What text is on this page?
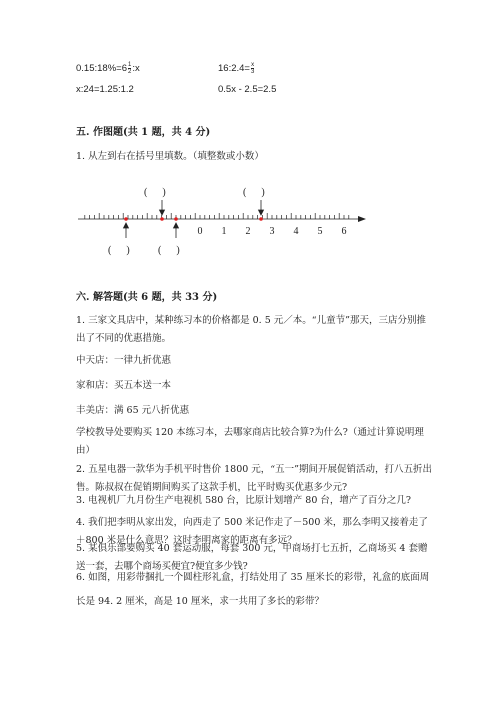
0.15:18%=6 $\frac{1}{2}$ :x	16:2.4= $\frac{x}{3}$
x:24=1.25:1.2	0.5x - 2.5=2.5
五. 作图题(共 1 题，共 4 分)
1. 从左到右在括号里填数。（填整数或小数）
0 1 2 3 4 5 6
(      )	(      )
(      )	(      )
六. 解答题(共 6 题，共 33 分)
1. 三家文具店中，某种练习本的价格都是 0. 5 元／本。“儿童节”那天，三店分别推出了不同的优惠措施。
中天店：一律九折优惠
家和店：买五本送一本
丰美店：满 65 元八折优惠
学校教导处要购买 120 本练习本，去哪家商店比较合算?为什么?（通过计算说明理由）
2. 五星电器一款华为手机平时售价 1800 元，“五一”期间开展促销活动，打八五折出售。陈叔叔在促销期间购买了这款手机，比平时购买优惠多少元?
3. 电视机厂九月份生产电视机 580 台，比原计划增产 80 台，增产了百分之几?
4. 我们把李明从家出发，向西走了 500 米记作走了－500 米，那么李明又接着走了＋800 米是什么意思？这时李明离家的距离有多远？
5. 某俱乐部要购买 40 套运动服，每套 300 元，甲商场打七五折，乙商场买 4 套赠送一套，去哪个商场买便宜?便宜多少钱?
6. 如图，用彩带捆扎一个圆柱形礼盒，打结处用了 35 厘米长的彩带，礼盒的底面周长是 94. 2 厘米，高是 10 厘米，求一共用了多长的彩带？
